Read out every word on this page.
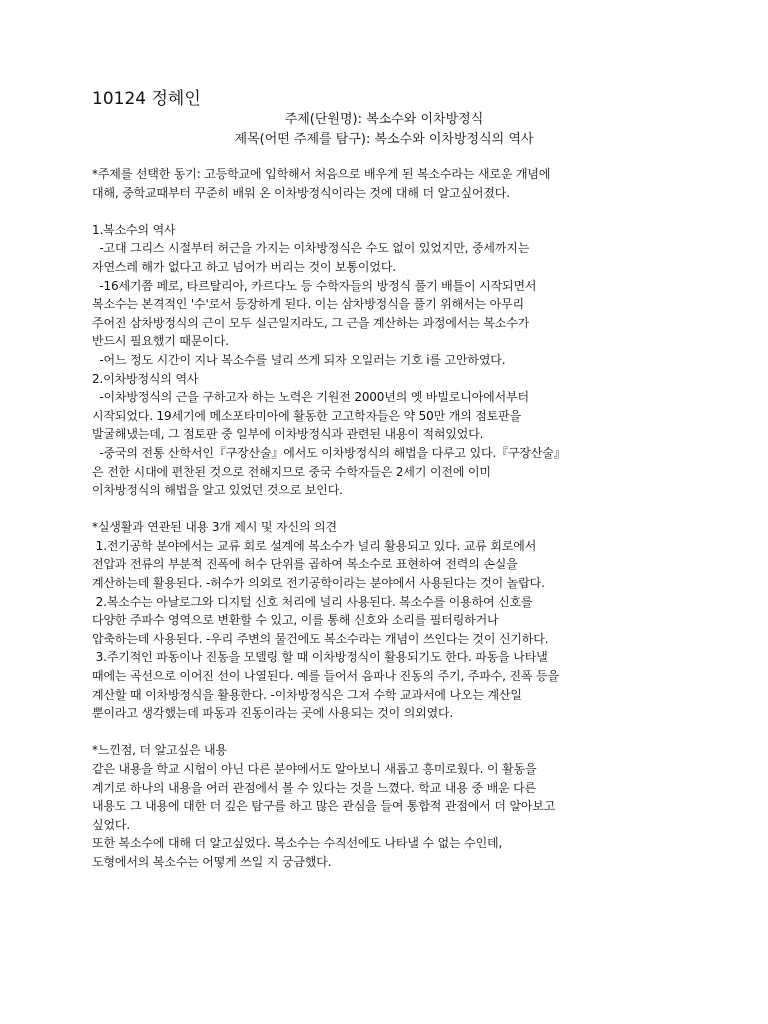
10124 정혜인
주제(단원명): 복소수와 이차방정식
제목(어떤 주제를 탐구): 복소수와 이차방정식의 역사
*주제를 선택한 동기: 고등학교에 입학해서 처음으로 배우게 된 복소수라는 새로운 개념에
대해, 중학교때부터 꾸준히 배워 온 이차방정식이라는 것에 대해 더 알고싶어졌다.
1.복소수의 역사
-고대 그리스 시절부터 허근을 가지는 이차방정식은 수도 없이 있었지만, 중세까지는
자연스레 해가 없다고 하고 넘어가 버리는 것이 보통이었다.
-16세기쯤 페로, 타르탈리아, 카르다노 등 수학자들의 방정식 풀기 배틀이 시작되면서
복소수는 본격적인 '수'로서 등장하게 된다. 이는 삼차방정식을 풀기 위해서는 아무리
주어진 삼차방정식의 근이 모두 실근일지라도, 그 근을 계산하는 과정에서는 복소수가
반드시 필요했기 때문이다.
-어느 정도 시간이 지나 복소수를 널리 쓰게 되자 오일러는 기호 i를 고안하였다.
2.이차방정식의 역사
-이차방정식의 근을 구하고자 하는 노력은 기원전 2000년의 옛 바빌로니아에서부터
시작되었다. 19세기에 메소포타미아에 활동한 고고학자들은 약 50만 개의 점토판을
발굴해냈는데, 그 점토판 중 일부에 이차방정식과 관련된 내용이 적혀있었다.
-중국의 전통 산학서인『구장산술』에서도 이차방정식의 해법을 다루고 있다.『구장산술』
은 전한 시대에 편찬된 것으로 전해지므로 중국 수학자들은 2세기 이전에 이미
이차방정식의 해법을 알고 있었던 것으로 보인다.
*실생활과 연관된 내용 3개 제시 및 자신의 의견
1.전기공학 분야에서는 교류 회로 설계에 복소수가 널리 활용되고 있다. 교류 회로에서
전압과 전류의 부분적 진폭에 허수 단위를 곱하여 복소수로 표현하여 전력의 손실을
계산하는데 활용된다. -허수가 의외로 전기공학이라는 분야에서 사용된다는 것이 놀랍다.
2.복소수는 아날로그와 디지털 신호 처리에 널리 사용된다. 복소수를 이용하여 신호를
다양한 주파수 영역으로 변환할 수 있고, 이를 통해 신호와 소리를 필터링하거나
압축하는데 사용된다. -우리 주변의 물건에도 복소수라는 개념이 쓰인다는 것이 신기하다.
3.주기적인 파동이나 진동을 모델링 할 때 이차방정식이 활용되기도 한다. 파동을 나타낼
때에는 곡선으로 이어진 선이 나열된다. 예를 들어서 음파나 진동의 주기, 주파수, 진폭 등을
계산할 때 이차방정식을 활용한다. -이차방정식은 그저 수학 교과서에 나오는 계산일
뿐이라고 생각했는데 파동과 진동이라는 곳에 사용되는 것이 의외였다.
*느낀점, 더 알고싶은 내용
같은 내용을 학교 시험이 아닌 다른 분야에서도 알아보니 새롭고 흥미로웠다. 이 활동을
계기로 하나의 내용을 여러 관점에서 볼 수 있다는 것을 느꼈다. 학교 내용 중 배운 다른
내용도 그 내용에 대한 더 깊은 탐구를 하고 많은 관심을 들여 통합적 관점에서 더 알아보고
싶었다.
또한 복소수에 대해 더 알고싶었다. 복소수는 수직선에도 나타낼 수 없는 수인데,
도형에서의 복소수는 어떻게 쓰일 지 궁금했다.
